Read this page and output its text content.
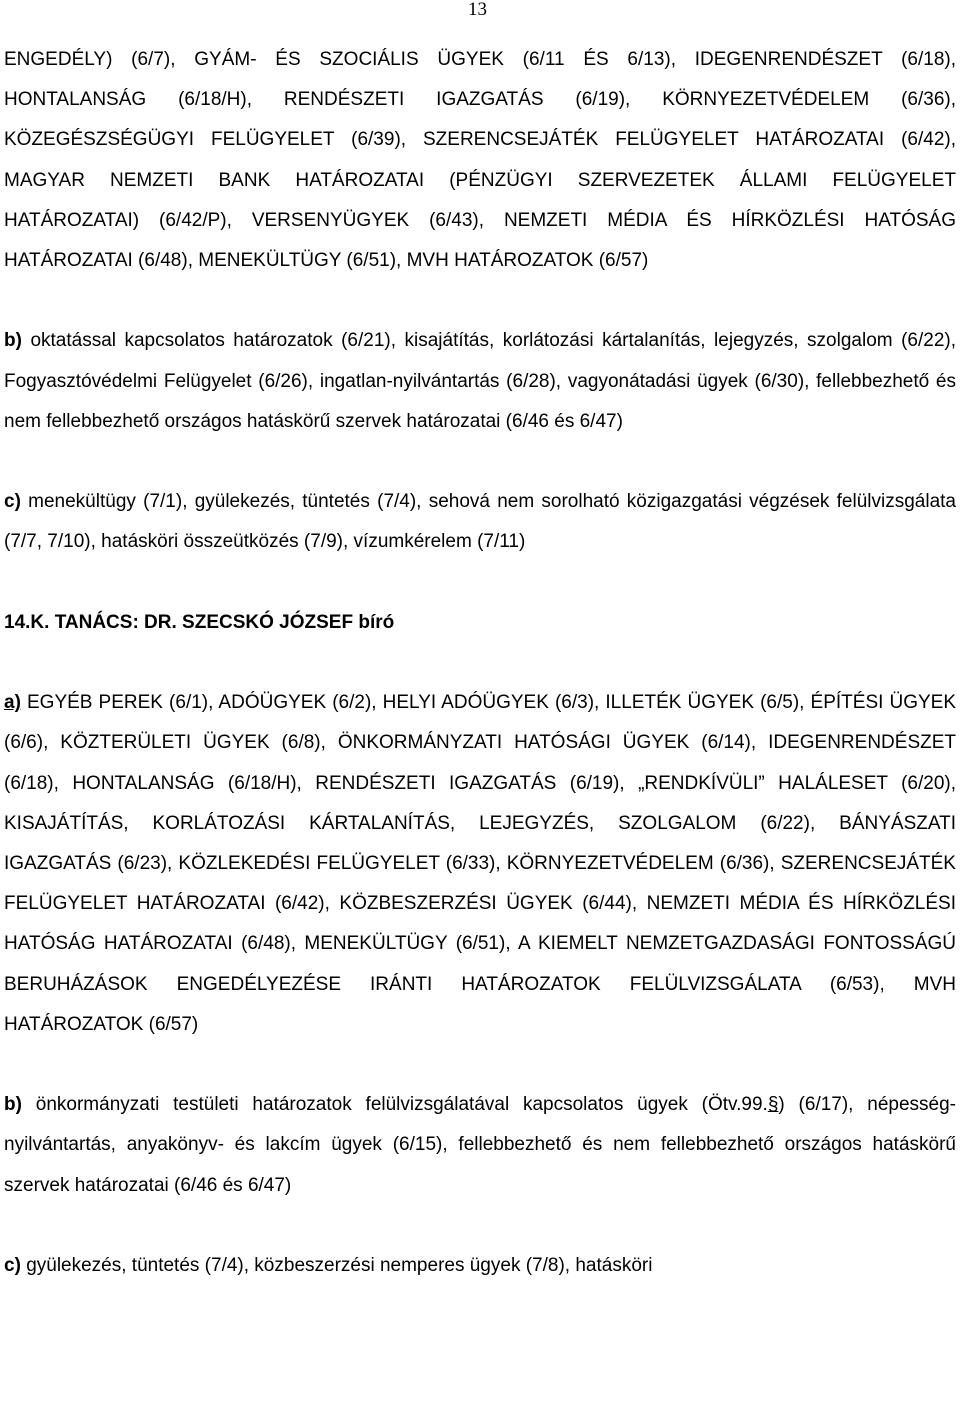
13

ENGEDÉLY) (6/7), GYÁM- ÉS SZOCIÁLIS ÜGYEK (6/11 ÉS 6/13), IDEGENRENDÉSZET (6/18), HONTALANSÁG (6/18/H), RENDÉSZETI IGAZGATÁS (6/19), KÖRNYEZETVÉDELEM (6/36), KÖZEGÉSZSÉGÜGYI FELÜGYELET (6/39), SZERENCSEJÁTÉK FELÜGYELET HATÁROZATAI (6/42), MAGYAR NEMZETI BANK HATÁROZATAI (PÉNZÜGYI SZERVEZETEK ÁLLAMI FELÜGYELET HATÁROZATAI) (6/42/P), VERSENYÜGYEK (6/43), NEMZETI MÉDIA ÉS HÍRKÖZLÉSI HATÓSÁG HATÁROZATAI (6/48), MENEKÜLTÜGY (6/51), MVH HATÁROZATOK (6/57)

b) oktatással kapcsolatos határozatok (6/21), kisajátítás, korlátozási kártalanítás, lejegyzés, szolgalom (6/22), Fogyasztóvédelmi Felügyelet (6/26), ingatlan-nyilvántartás (6/28), vagyonátadási ügyek (6/30), fellebbezhető és nem fellebbezhető országos hatáskörű szervek határozatai (6/46 és 6/47)

c) menekültügy (7/1), gyülekezés, tüntetés (7/4), sehová nem sorolható közigazgatási végzések felülvizsgálata (7/7, 7/10), hatásköri összeütközés (7/9), vízumkérelem (7/11)

14.K. TANÁCS: DR. SZECSKÓ JÓZSEF bíró

a) EGYÉB PEREK (6/1), ADÓÜGYEK (6/2), HELYI ADÓÜGYEK (6/3), ILLETÉK ÜGYEK (6/5), ÉPÍTÉSI ÜGYEK (6/6), KÖZTERÜLETI ÜGYEK (6/8), ÖNKORMÁNYZATI HATÓSÁGI ÜGYEK (6/14), IDEGENRENDÉSZET (6/18), HONTALANSÁG (6/18/H), RENDÉSZETI IGAZGATÁS (6/19), „RENDKÍVÜLI” HALÁLESET (6/20), KISAJÁTÍTÁS, KORLÁTOZÁSI KÁRTALANÍTÁS, LEJEGYZÉS, SZOLGALOM (6/22), BÁNYÁSZATI IGAZGATÁS (6/23), KÖZLEKEDÉSI FELÜGYELET (6/33), KÖRNYEZETVÉDELEM (6/36), SZERENCSEJÁTÉK FELÜGYELET HATÁROZATAI (6/42), KÖZBESZERZÉSI ÜGYEK (6/44), NEMZETI MÉDIA ÉS HÍRKÖZLÉSI HATÓSÁG HATÁROZATAI (6/48), MENEKÜLTÜGY (6/51), A KIEMELT NEMZETGAZDASÁGI FONTOSSÁGÚ BERUHÁZÁSOK ENGEDÉLYEZÉSE IRÁNTI HATÁROZATOK FELÜLVIZSGÁLATA (6/53), MVH HATÁROZATOK (6/57)

b) önkormányzati testületi határozatok felülvizsgálatával kapcsolatos ügyek (Ötv.99.§) (6/17), népesség-nyilvántartás, anyakönyv- és lakcím ügyek (6/15), fellebbezhető és nem fellebbezhető országos hatáskörű szervek határozatai (6/46 és 6/47)

c) gyülekezés, tüntetés (7/4), közbeszerzési nemperes ügyek (7/8), hatásköri
